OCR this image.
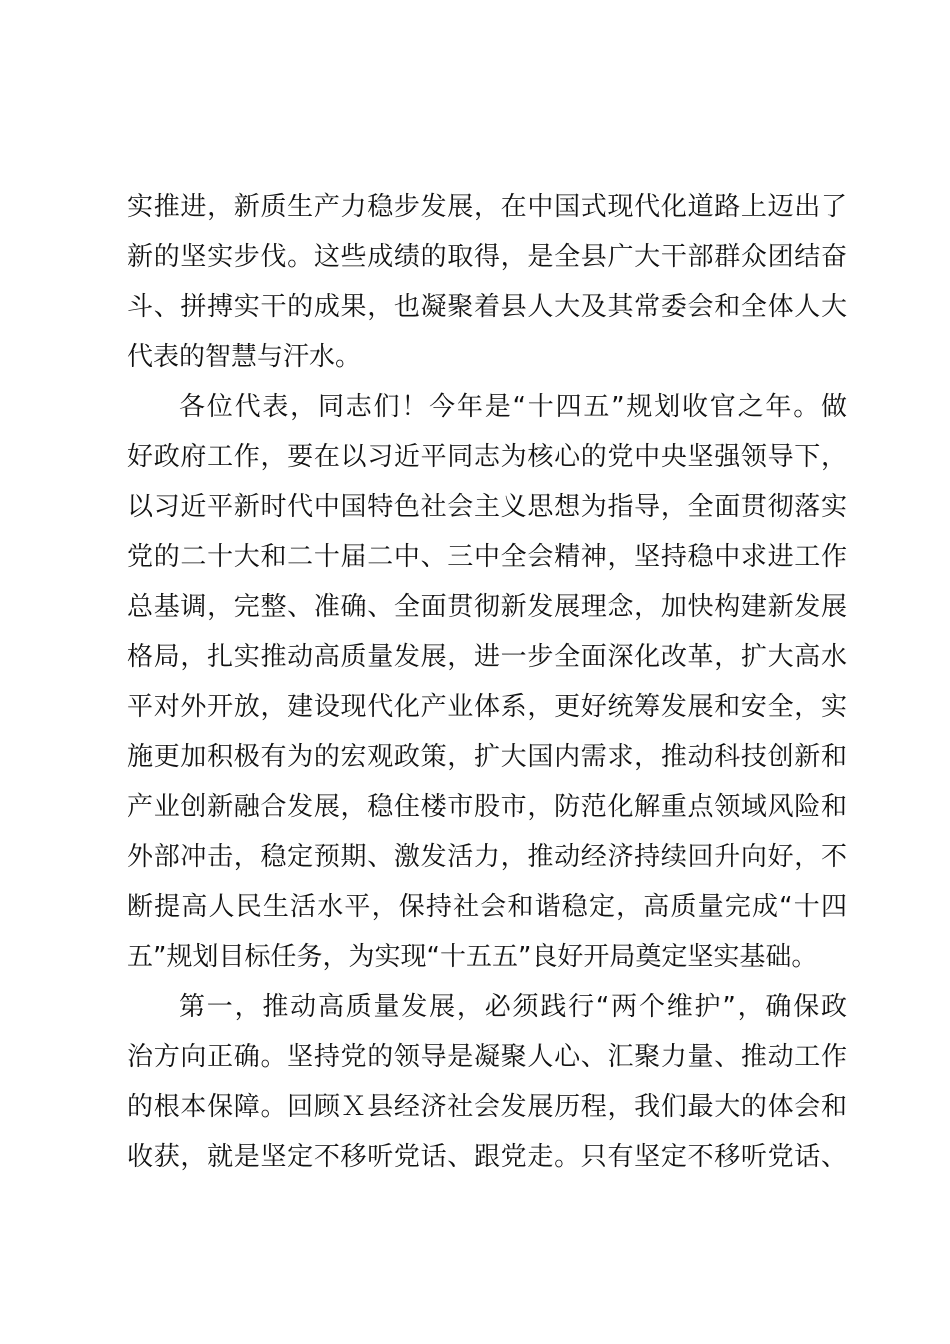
实推进，新质生产力稳步发展，在中国式现代化道路上迈出了
新的坚实步伐。这些成绩的取得，是全县广大干部群众团结奋
斗、拼搏实干的成果，也凝聚着县人大及其常委会和全体人大
代表的智慧与汗水。
各位代表，同志们！今年是“十四五”规划收官之年。做
好政府工作，要在以习近平同志为核心的党中央坚强领导下，
以习近平新时代中国特色社会主义思想为指导，全面贯彻落实
党的二十大和二十届二中、三中全会精神，坚持稳中求进工作
总基调，完整、准确、全面贯彻新发展理念，加快构建新发展
格局，扎实推动高质量发展，进一步全面深化改革，扩大高水
平对外开放，建设现代化产业体系，更好统筹发展和安全，实
施更加积极有为的宏观政策，扩大国内需求，推动科技创新和
产业创新融合发展，稳住楼市股市，防范化解重点领域风险和
外部冲击，稳定预期、激发活力，推动经济持续回升向好，不
断提高人民生活水平，保持社会和谐稳定，高质量完成“十四
五”规划目标任务，为实现“十五五”良好开局奠定坚实基础。
第一，推动高质量发展，必须践行“两个维护”，确保政
治方向正确。坚持党的领导是凝聚人心、汇聚力量、推动工作
的根本保障。回顾Ｘ县经济社会发展历程，我们最大的体会和
收获，就是坚定不移听党话、跟党走。只有坚定不移听党话、
